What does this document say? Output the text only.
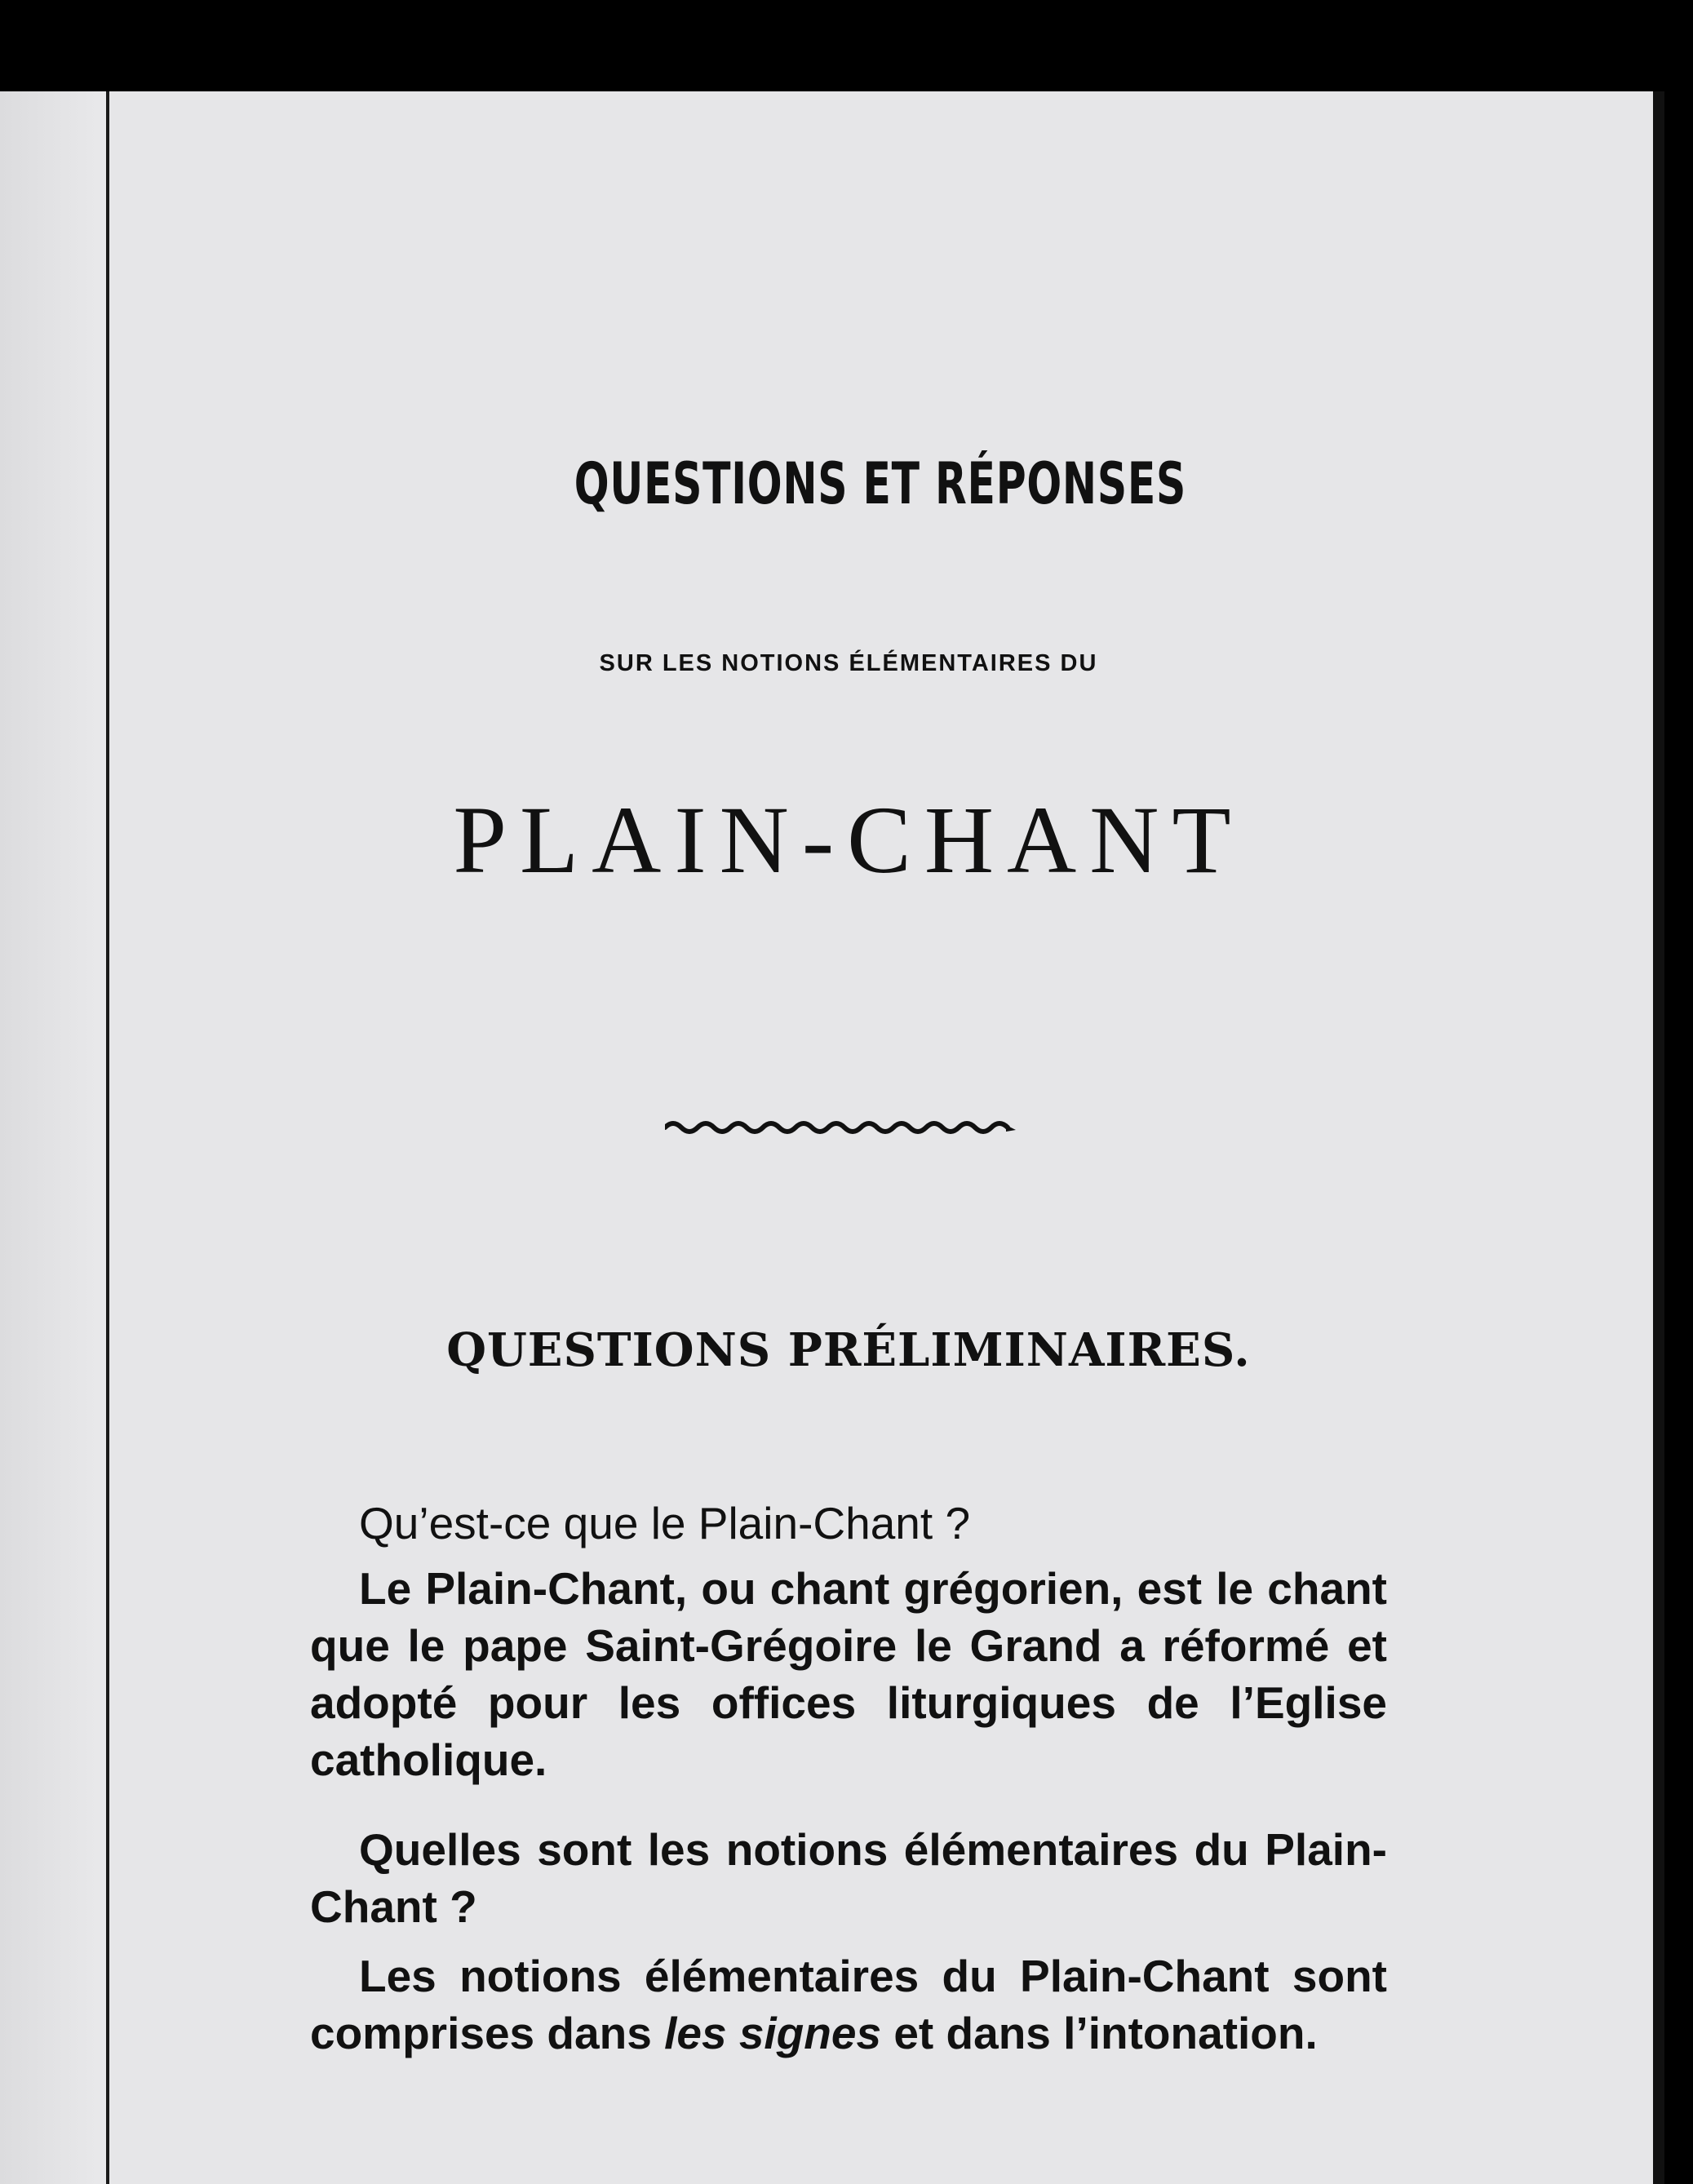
QUESTIONS ET RÉPONSES
SUR LES NOTIONS ÉLÉMENTAIRES DU
PLAIN-CHANT
QUESTIONS PRÉLIMINAIRES.
Qu’est-ce que le Plain-Chant ?
Le Plain-Chant, ou chant grégorien, est le chant que le pape Saint-Grégoire le Grand a réformé et adopté pour les offices liturgiques de l’Eglise catholique.
Quelles sont les notions élémentaires du Plain-Chant ?
Les notions élémentaires du Plain-Chant sont comprises dans les signes et dans l’intonation.
